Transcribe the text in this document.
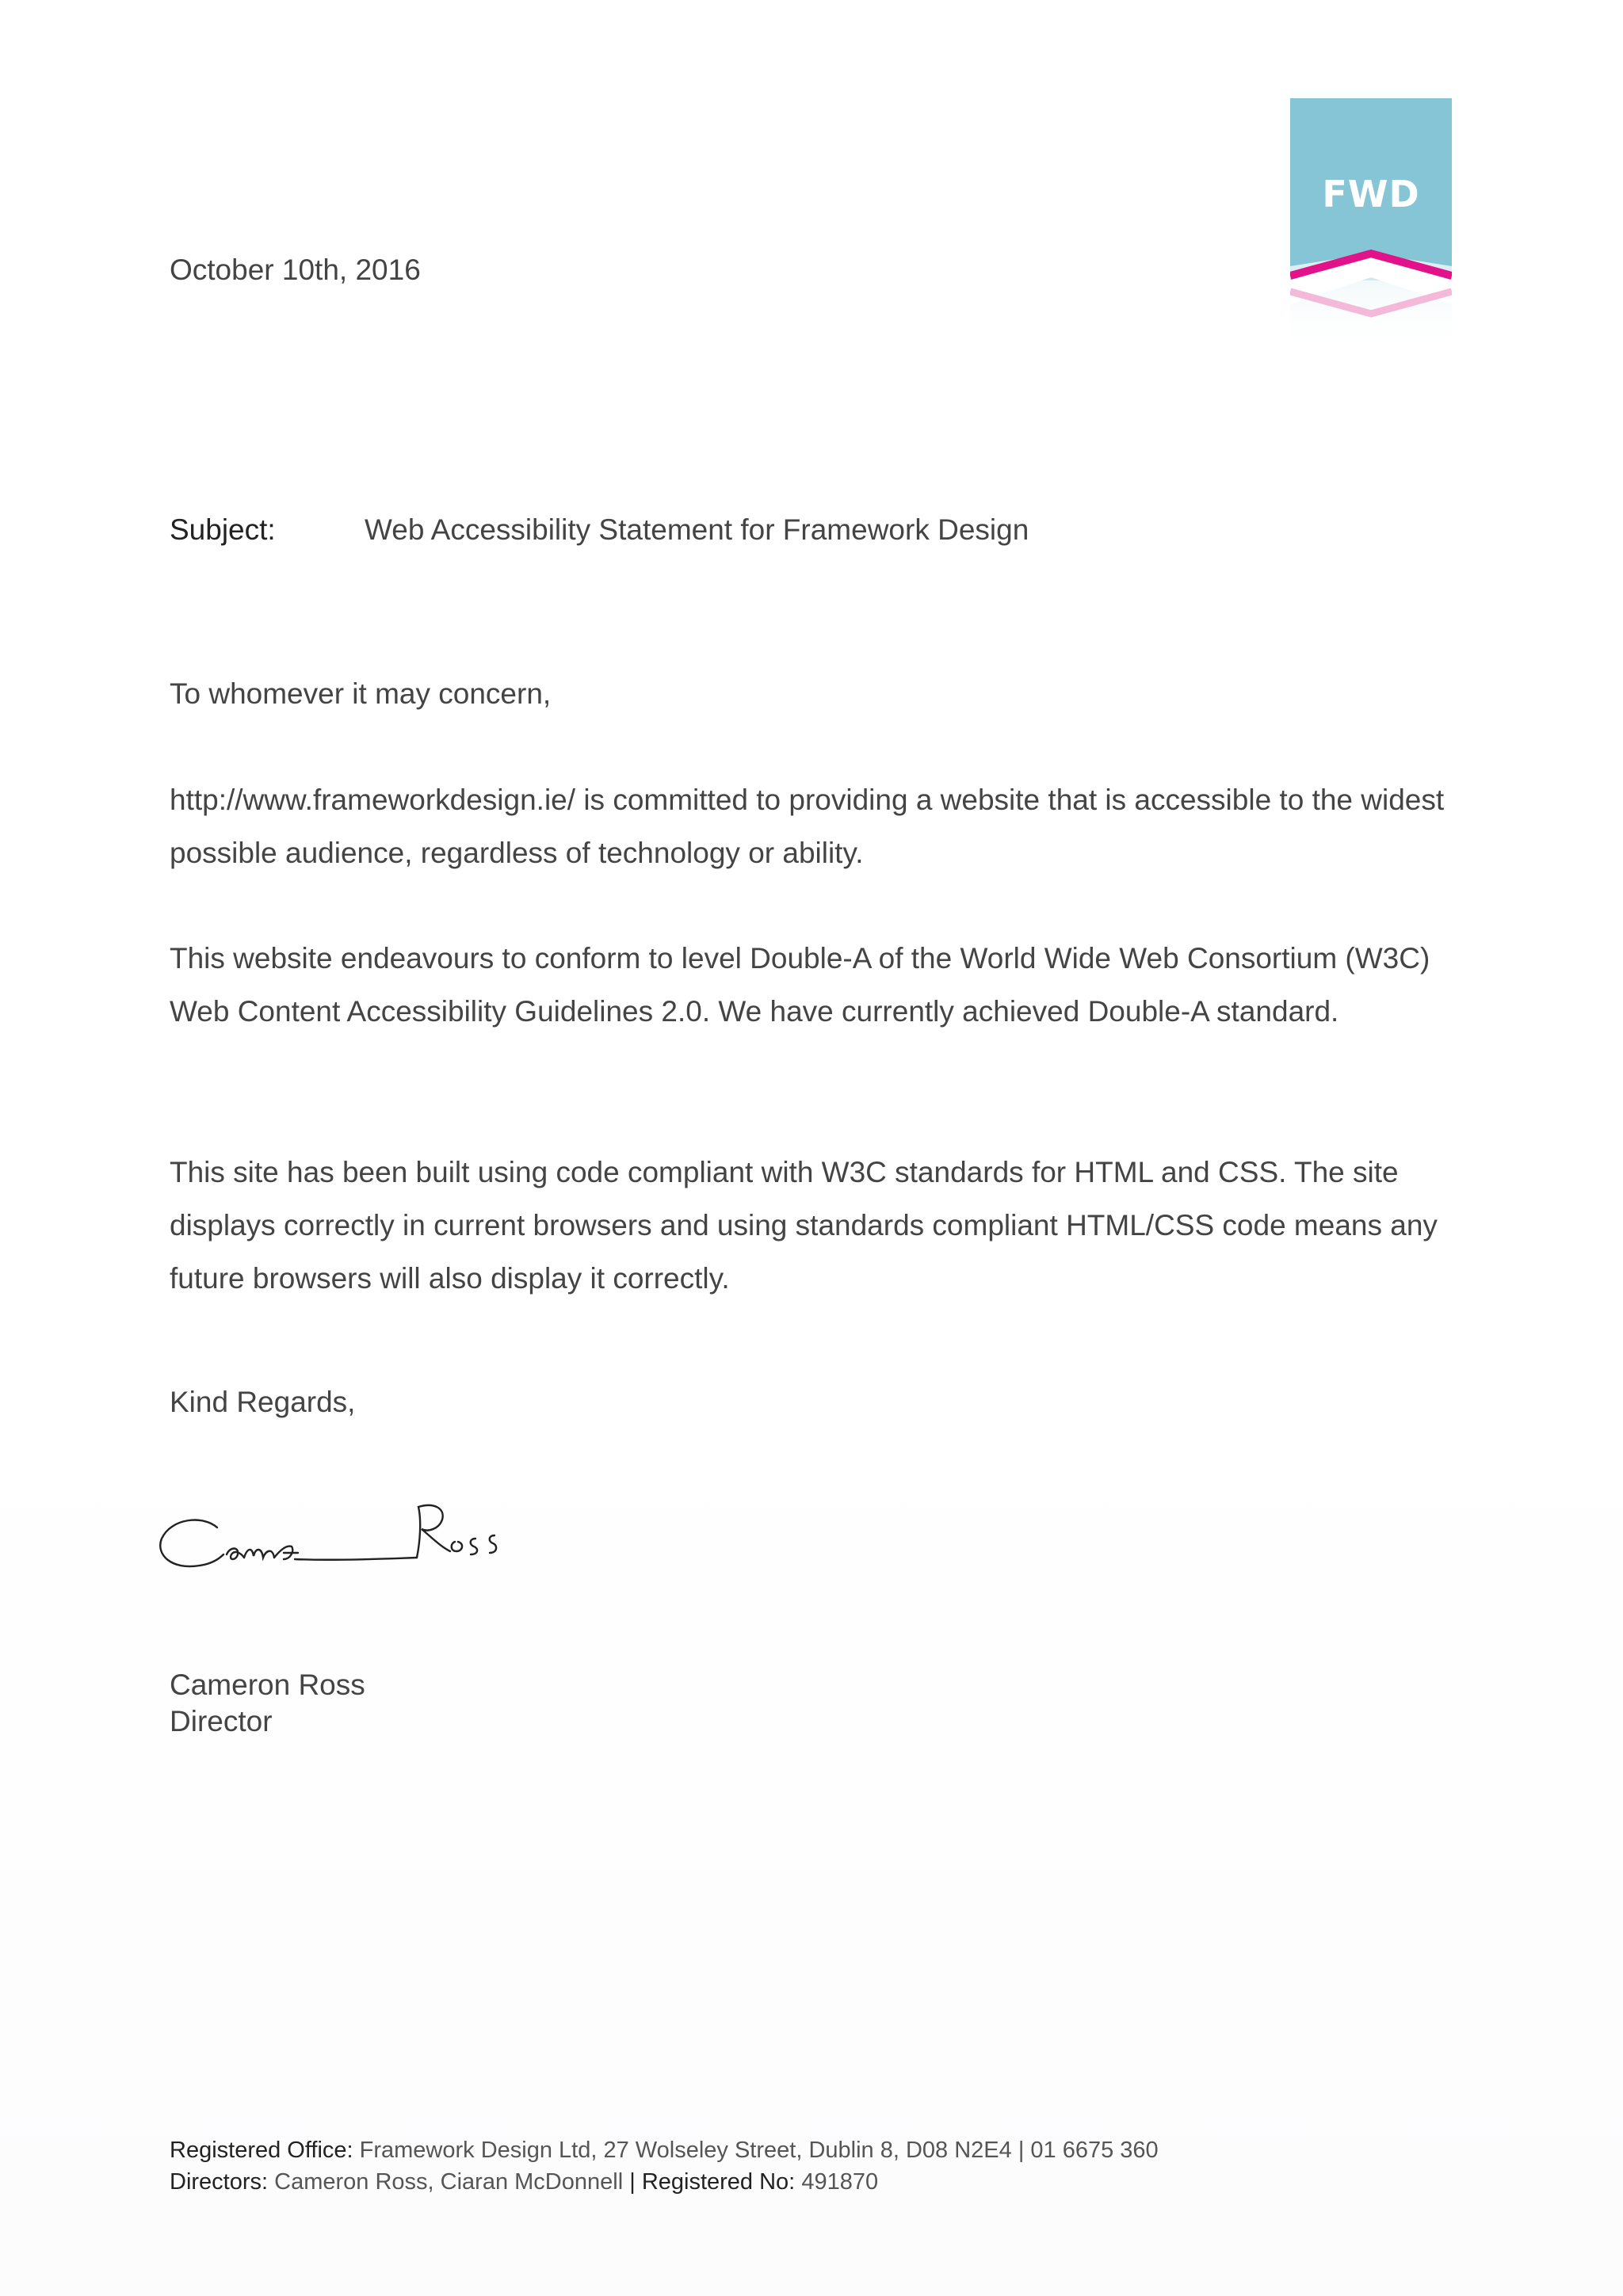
FWD
October 10th, 2016
Subject:	Web Accessibility Statement for Framework Design

To whomever it may concern,

http://www.frameworkdesign.ie/ is committed to providing a website that is accessible to the widest possible audience, regardless of technology or ability.

This website endeavours to conform to level Double-A of the World Wide Web Consortium (W3C) Web Content Accessibility Guidelines 2.0. We have currently achieved Double-A standard.

This site has been built using code compliant with W3C standards for HTML and CSS. The site displays correctly in current browsers and using standards compliant HTML/CSS code means any future browsers will also display it correctly.

Kind Regards,

Cameron Ross
Director
Registered Office: Framework Design Ltd, 27 Wolseley Street, Dublin 8, D08 N2E4 | 01 6675 360
Directors: Cameron Ross, Ciaran McDonnell | Registered No: 491870
